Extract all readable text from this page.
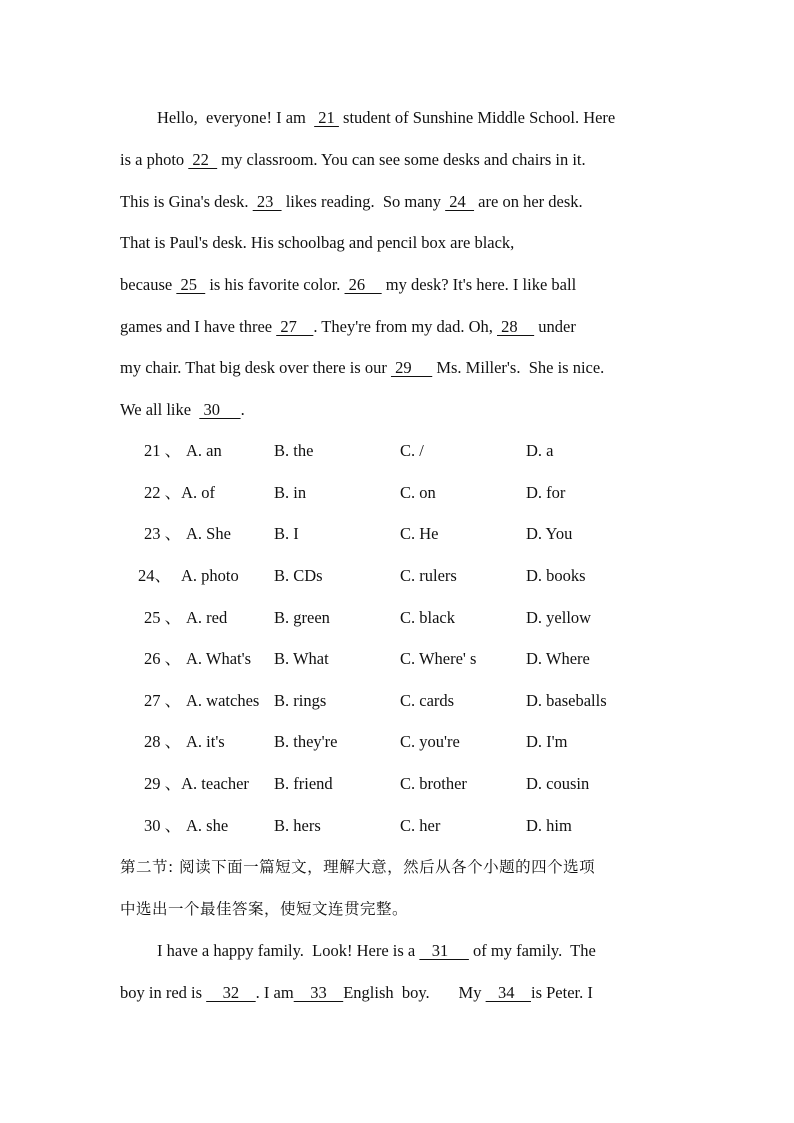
Hello,  everyone! I am   21  student of Sunshine Middle School. Here
is a photo  22   my classroom. You can see some desks and chairs in it.
This is Gina's desk.  23   likes reading.  So many  24   are on her desk.
That is Paul's desk. His schoolbag and pencil box are black,
because  25   is his favorite color.  26     my desk? It's here. I like ball
games and I have three  27    . They're from my dad. Oh,  28     under
my chair. That big desk over there is our  29      Ms. Miller's.  She is nice.
We all like   30     .
21 、 A. an	B. the	C. /	D. a
22 、A. of	B. in	C. on	D. for
23 、 A. She	B. I	C. He	D. You
24、 A. photo B. CDs	C. rulers	D. books
25 、 A. red	B. green	C. black	D. yellow
26 、 A. What's B. What	C. Where' s	D. Where
27 、 A. watches B. rings	C. cards	D. baseballs
28 、 A. it's	B. they're	C. you're	D. I'm
29 、A. teacher B. friend	C. brother	D. cousin
30 、 A. she	B. hers	C. her	D. him
第二节: 阅读下面一篇短文，理解大意，然后从各个小题的四个选项
中选出一个最佳答案，使短文连贯完整。
I have a happy family.  Look! Here is a    31      of my family.  The
boy in red is     32    . I am    33    English  boy.       My    34    is Peter. I
